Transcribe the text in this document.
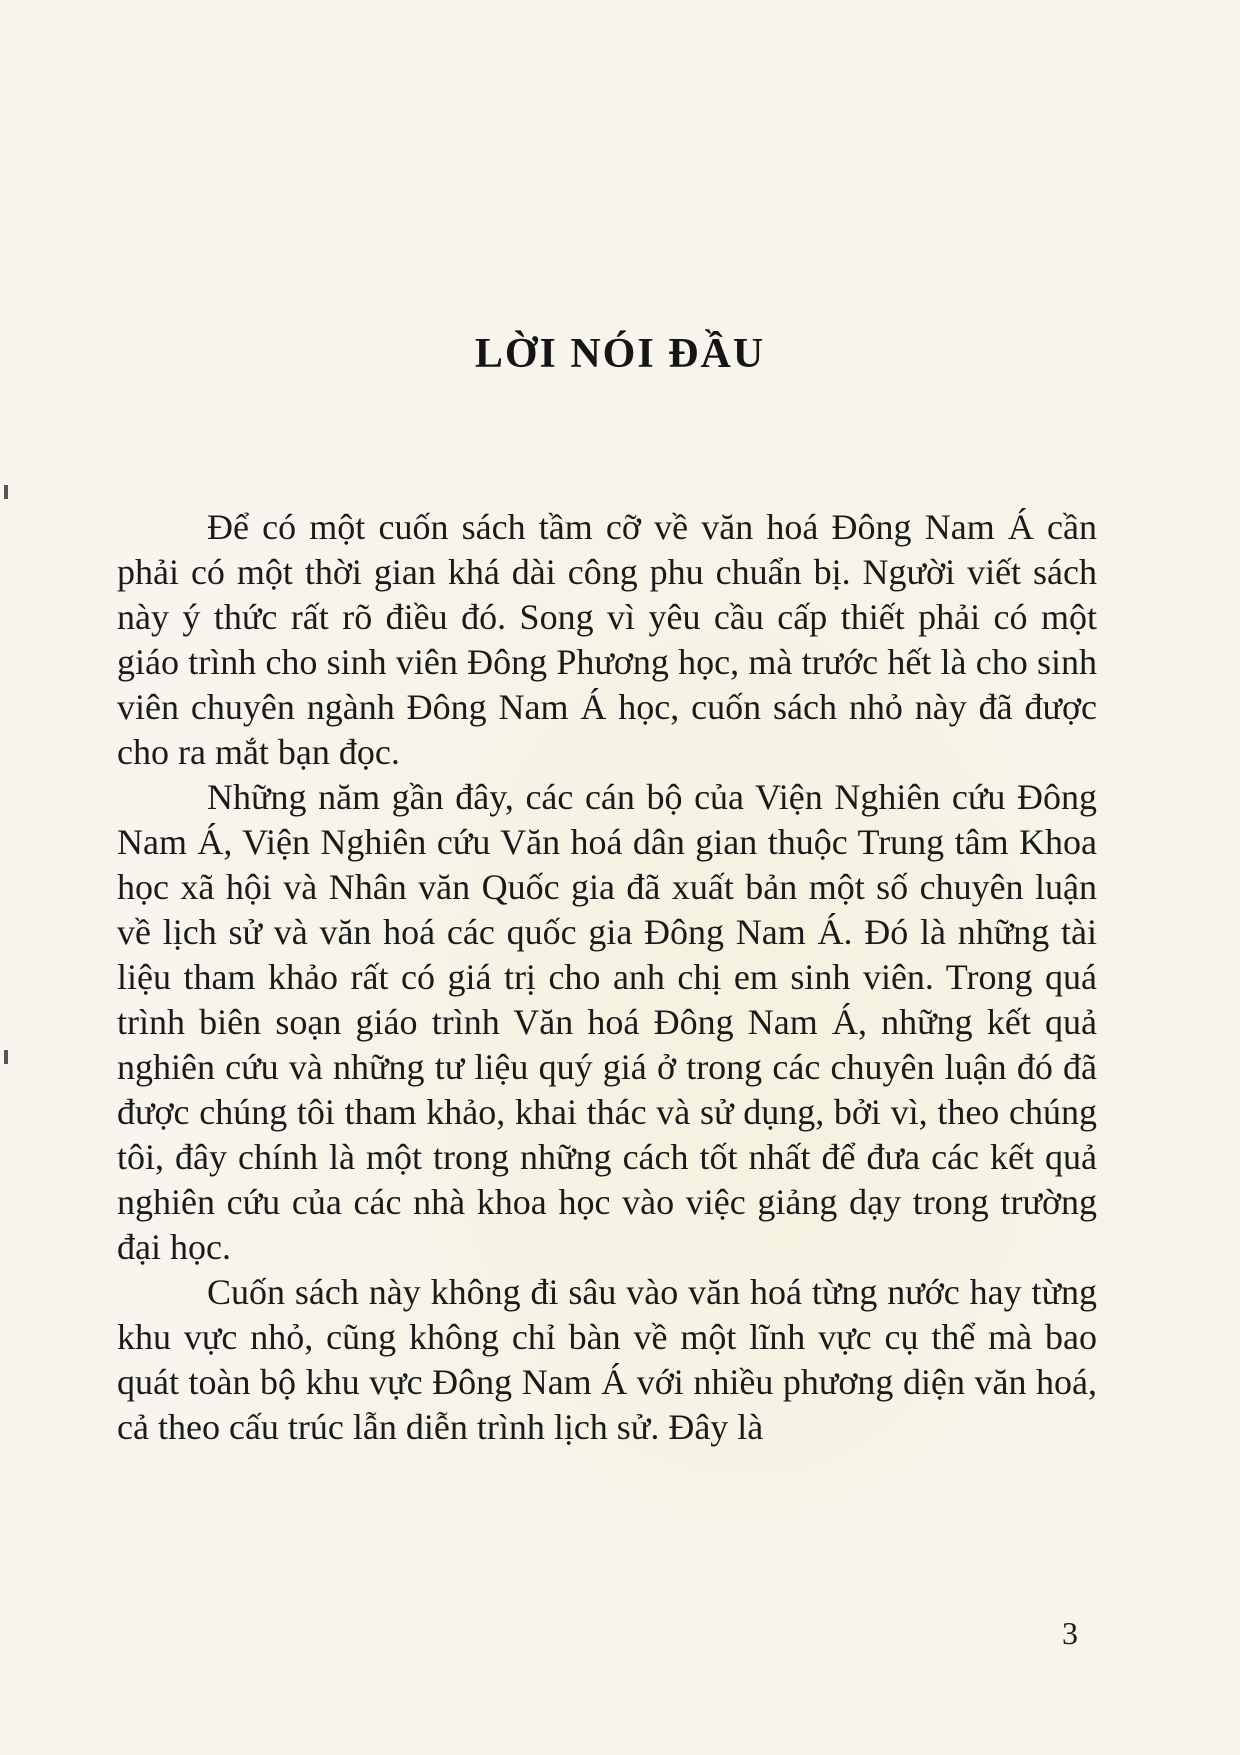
LỜI NÓI ĐẦU

Để có một cuốn sách tầm cỡ về văn hoá Đông Nam Á cần phải có một thời gian khá dài công phu chuẩn bị. Người viết sách này ý thức rất rõ điều đó. Song vì yêu cầu cấp thiết phải có một giáo trình cho sinh viên Đông Phương học, mà trước hết là cho sinh viên chuyên ngành Đông Nam Á học, cuốn sách nhỏ này đã được cho ra mắt bạn đọc.

Những năm gần đây, các cán bộ của Viện Nghiên cứu Đông Nam Á, Viện Nghiên cứu Văn hoá dân gian thuộc Trung tâm Khoa học xã hội và Nhân văn Quốc gia đã xuất bản một số chuyên luận về lịch sử và văn hoá các quốc gia Đông Nam Á. Đó là những tài liệu tham khảo rất có giá trị cho anh chị em sinh viên. Trong quá trình biên soạn giáo trình Văn hoá Đông Nam Á, những kết quả nghiên cứu và những tư liệu quý giá ở trong các chuyên luận đó đã được chúng tôi tham khảo, khai thác và sử dụng, bởi vì, theo chúng tôi, đây chính là một trong những cách tốt nhất để đưa các kết quả nghiên cứu của các nhà khoa học vào việc giảng dạy trong trường đại học.

Cuốn sách này không đi sâu vào văn hoá từng nước hay từng khu vực nhỏ, cũng không chỉ bàn về một lĩnh vực cụ thể mà bao quát toàn bộ khu vực Đông Nam Á với nhiều phương diện văn hoá, cả theo cấu trúc lẫn diễn trình lịch sử. Đây là

3
